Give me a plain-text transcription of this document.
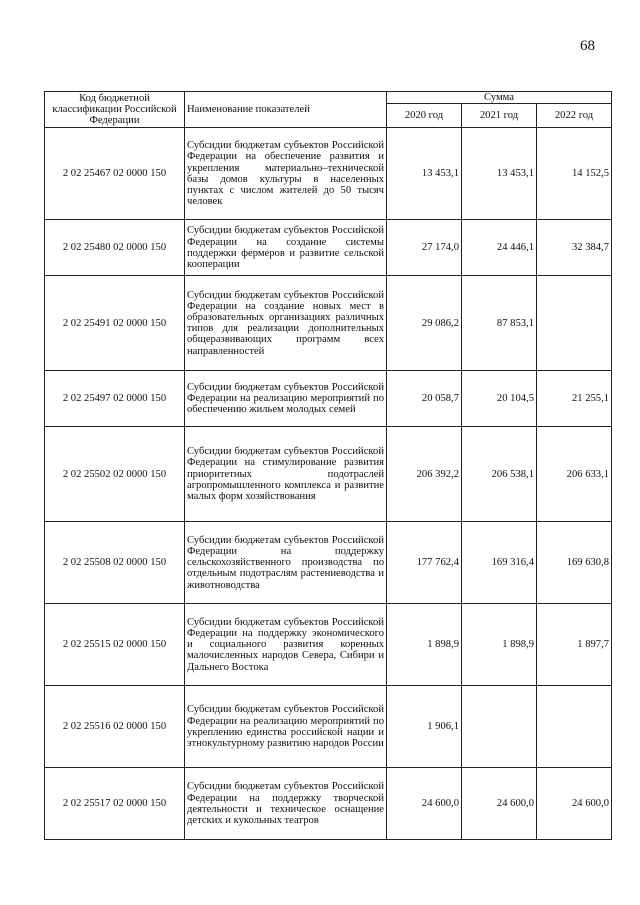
68
Код бюджетной классификации Российской Федерации	Наименование показателей	Сумма		
		2020 год	2021 год	2022 год
2 02 25467 02 0000 150	Субсидии бюджетам субъектов Российской Федерации на обеспечение развития и укрепления материально–технической базы домов культуры в населенных пунктах с числом жителей до 50 тысяч человек	13 453,1	13 453,1	14 152,5
2 02 25480 02 0000 150	Субсидии бюджетам субъектов Российской Федерации на создание системы поддержки фермеров и развитие сельской кооперации	27 174,0	24 446,1	32 384,7
2 02 25491 02 0000 150	Субсидии бюджетам субъектов Российской Федерации на создание новых мест в образовательных организациях различных типов для реализации дополнительных общеразвивающих программ всех направленностей	29 086,2	87 853,1	
2 02 25497 02 0000 150	Субсидии бюджетам субъектов Российской Федерации на реализацию мероприятий по обеспечению жильем молодых семей	20 058,7	20 104,5	21 255,1
2 02 25502 02 0000 150	Субсидии бюджетам субъектов Российской Федерации на стимулирование развития приоритетных подотраслей агропромышленного комплекса и развитие малых форм хозяйствования	206 392,2	206 538,1	206 633,1
2 02 25508 02 0000 150	Субсидии бюджетам субъектов Российской Федерации на поддержку сельскохозяйственного производства по отдельным подотраслям растениеводства и животноводства	177 762,4	169 316,4	169 630,8
2 02 25515 02 0000 150	Субсидии бюджетам субъектов Российской Федерации на поддержку экономического и социального развития коренных малочисленных народов Севера, Сибири и Дальнего Востока	1 898,9	1 898,9	1 897,7
2 02 25516 02 0000 150	Субсидии бюджетам субъектов Российской Федерации на реализацию мероприятий по укреплению единства российской нации и этнокультурному развитию народов России	1 906,1		
2 02 25517 02 0000 150	Субсидии бюджетам субъектов Российской Федерации на поддержку творческой деятельности и техническое оснащение детских и кукольных театров	24 600,0	24 600,0	24 600,0
